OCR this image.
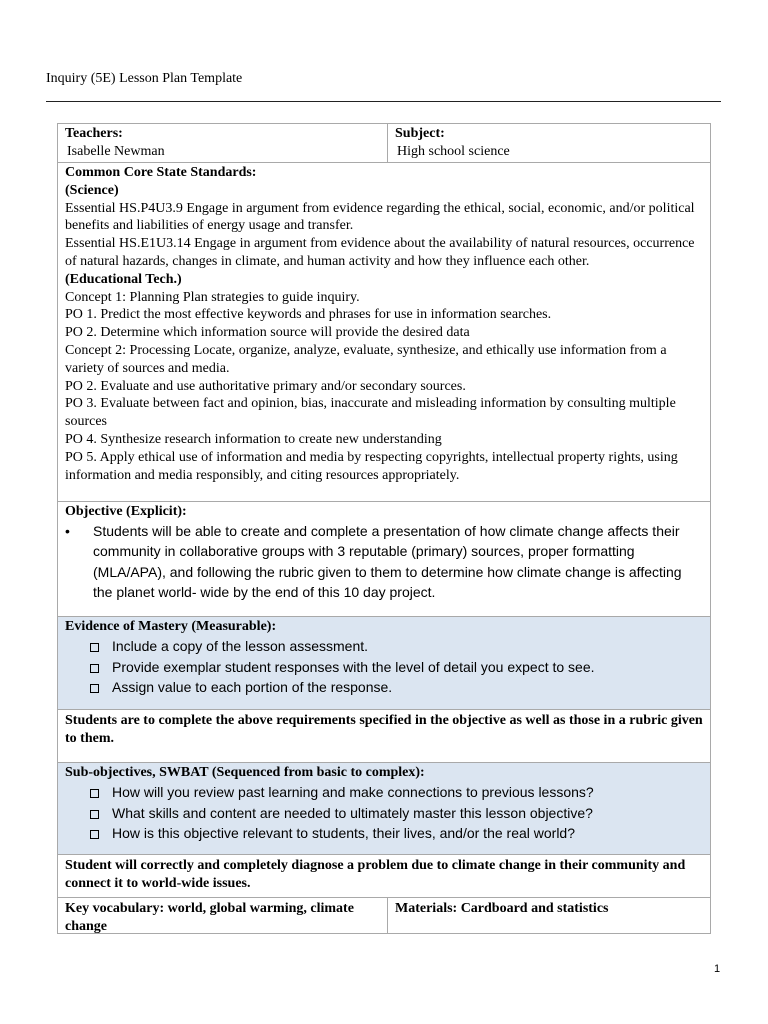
Inquiry (5E) Lesson Plan Template
Teachers:
Isabelle Newman
Subject:
High school science
Common Core State Standards:
(Science)
Essential HS.P4U3.9 Engage in argument from evidence regarding the ethical, social, economic, and/or political benefits and liabilities of energy usage and transfer.
Essential HS.E1U3.14 Engage in argument from evidence about the availability of natural resources, occurrence of natural hazards, changes in climate, and human activity and how they influence each other.
(Educational Tech.)
Concept 1: Planning Plan strategies to guide inquiry.
PO 1. Predict the most effective keywords and phrases for use in information searches.
PO 2. Determine which information source will provide the desired data
Concept 2: Processing Locate, organize, analyze, evaluate, synthesize, and ethically use information from a variety of sources and media.
PO 2. Evaluate and use authoritative primary and/or secondary sources.
PO 3. Evaluate between fact and opinion, bias, inaccurate and misleading information by consulting multiple sources
PO 4. Synthesize research information to create new understanding
PO 5. Apply ethical use of information and media by respecting copyrights, intellectual property rights, using information and media responsibly, and citing resources appropriately.
Objective (Explicit):
•	Students will be able to create and complete a presentation of how climate change affects their community in collaborative groups with 3 reputable (primary) sources, proper formatting (MLA/APA), and following the rubric given to them to determine how climate change is affecting the planet world- wide by the end of this 10 day project.
Evidence of Mastery (Measurable):
Include a copy of the lesson assessment.
Provide exemplar student responses with the level of detail you expect to see.
Assign value to each portion of the response.
Students are to complete the above requirements specified in the objective as well as those in a rubric given to them.
Sub-objectives, SWBAT (Sequenced from basic to complex):
How will you review past learning and make connections to previous lessons?
What skills and content are needed to ultimately master this lesson objective?
How is this objective relevant to students, their lives, and/or the real world?
Student will correctly and completely diagnose a problem due to climate change in their community and connect it to world-wide issues.
Key vocabulary: world, global warming, climate change
Materials: Cardboard and statistics
1
